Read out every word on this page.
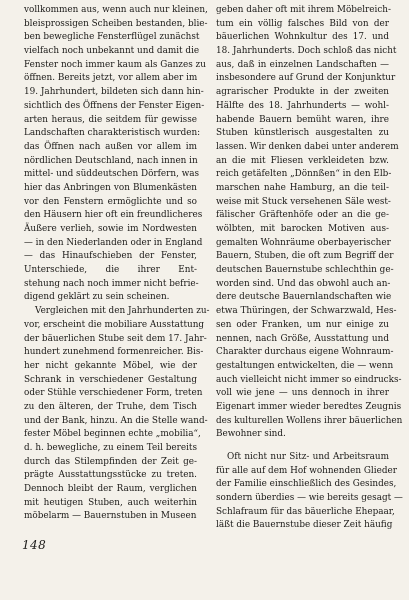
vollkommen aus, wenn auch nur kleinen,
bleisprossigen Scheiben bestanden, blie-
ben bewegliche Fensterflügel zunächst
vielfach noch unbekannt und damit die
Fenster noch immer kaum als Ganzes zu
öffnen. Bereits jetzt, vor allem aber im
19. Jahrhundert, bildeten sich dann hin-
sichtlich des Öffnens der Fenster Eigen-
arten heraus, die seitdem für gewisse
Landschaften charakteristisch wurden:
das Öffnen nach außen vor allem im
nördlichen Deutschland, nach innen in
mittel- und süddeutschen Dörfern, was
hier das Anbringen von Blumenkästen
vor den Fenstern ermöglichte und so
den Häusern hier oft ein freundlicheres
Äußere verlieh, sowie im Nordwesten
— in den Niederlanden oder in England
— das Hinaufschieben der Fenster,
Unterschiede, die ihrer Ent-
stehung nach noch immer nicht befrie-
digend geklärt zu sein scheinen.
Vergleichen mit den Jahrhunderten zu-
vor, erscheint die mobiliare Ausstattung
der bäuerlichen Stube seit dem 17. Jahr-
hundert zunehmend formenreicher. Bis-
her nicht gekannte Möbel, wie der
Schrank in verschiedener Gestaltung
oder Stühle verschiedener Form, treten
zu den älteren, der Truhe, dem Tisch
und der Bank, hinzu. An die Stelle wand-
fester Möbel beginnen echte „mobilia“,
d. h. bewegliche, zu einem Teil bereits
durch das Stilempfinden der Zeit ge-
prägte Ausstattungsstücke zu treten.
Dennoch bleibt der Raum, verglichen
mit heutigen Stuben, auch weiterhin
möbelarm — Bauernstuben in Museen
geben daher oft mit ihrem Möbelreich-
tum ein völlig falsches Bild von der
bäuerlichen Wohnkultur des 17. und
18. Jahrhunderts. Doch schloß das nicht
aus, daß in einzelnen Landschaften —
insbesondere auf Grund der Konjunktur
agrarischer Produkte in der zweiten
Hälfte des 18. Jahrhunderts — wohl-
habende Bauern bemüht waren, ihre
Stuben künstlerisch ausgestalten zu
lassen. Wir denken dabei unter anderem
an die mit Fliesen verkleideten bzw.
reich getäfelten „Dönnßen“ in den Elb-
marschen nahe Hamburg, an die teil-
weise mit Stuck versehenen Säle west-
fälischer Gräftenhöfe oder an die ge-
wölbten, mit barocken Motiven aus-
gemalten Wohnräume oberbayerischer
Bauern, Stuben, die oft zum Begriff der
deutschen Bauernstube schlechthin ge-
worden sind. Und das obwohl auch an-
dere deutsche Bauernlandschaften wie
etwa Thüringen, der Schwarzwald, Hes-
sen oder Franken, um nur einige zu
nennen, nach Größe, Ausstattung und
Charakter durchaus eigene Wohnraum-
gestaltungen entwickelten, die — wenn
auch vielleicht nicht immer so eindrucks-
voll wie jene — uns dennoch in ihrer
Eigenart immer wieder beredtes Zeugnis
des kulturellen Wollens ihrer bäuerlichen
Bewohner sind.
Oft nicht nur Sitz- und Arbeitsraum
für alle auf dem Hof wohnenden Glieder
der Familie einschließlich des Gesindes,
sondern überdies — wie bereits gesagt —
Schlafraum für das bäuerliche Ehepaar,
läßt die Bauernstube dieser Zeit häufig
148
